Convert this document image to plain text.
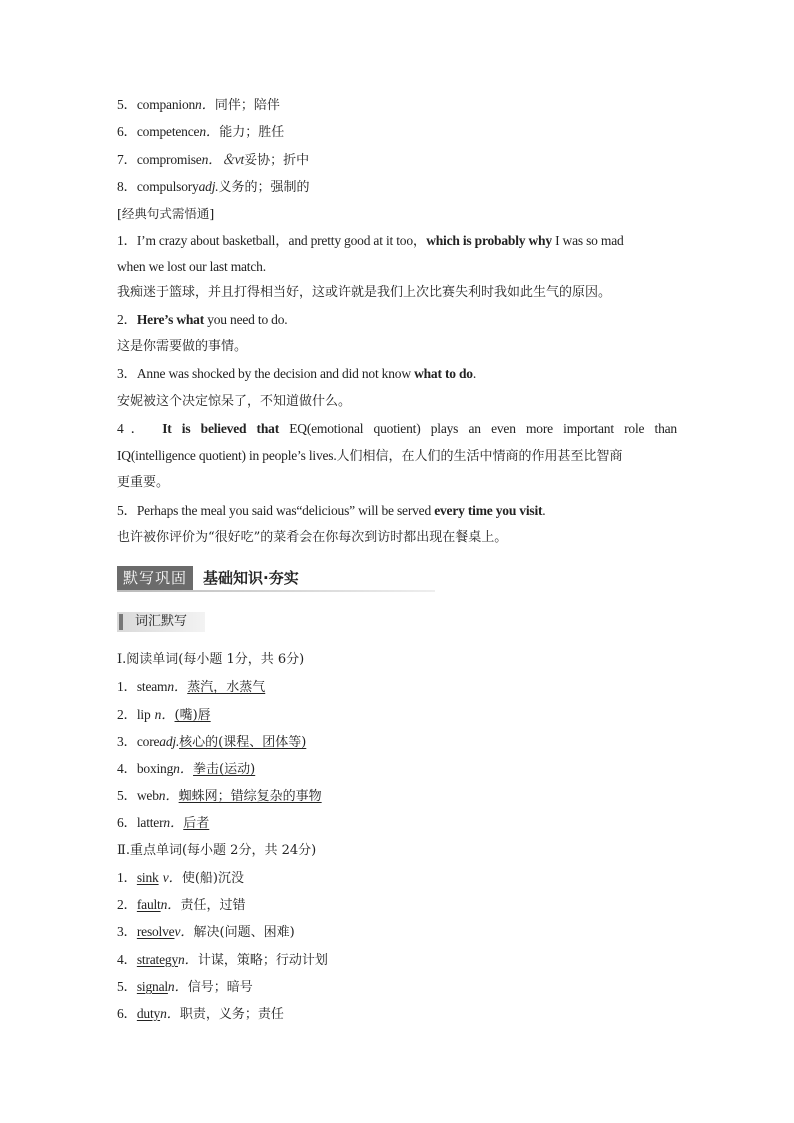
5．companionn．同伴；陪伴
6．competencen．能力；胜任
7．compromisen．＆vt妥协；折中
8．compulsoryadj.义务的；强制的
[经典句式需悟通]
1．I’m crazy about basketball，and pretty good at it too，which is probably why I was so mad
when we lost our last match.
我痴迷于篮球，并且打得相当好，这或许就是我们上次比赛失利时我如此生气的原因。
2．Here’s what you need to do.
这是你需要做的事情。
3．Anne was shocked by the decision and did not know what to do.
安妮被这个决定惊呆了，不知道做什么。
4． It is believed that EQ(emotional quotient) plays an even more important role than
IQ(intelligence quotient) in people’s lives.人们相信，在人们的生活中情商的作用甚至比智商
更重要。
5．Perhaps the meal you said was“delicious” will be served every time you visit.
也许被你评价为“很好吃”的菜肴会在你每次到访时都出现在餐桌上。
默写巩固	基础知识·夯实
词汇默写
Ⅰ.阅读单词(每小题 1分，共 6分)
1．steamn．蒸汽，水蒸气
2．lip n．(嘴)唇
3．coreadj.核心的(课程、团体等)
4．boxingn．拳击(运动)
5．webn．蜘蛛网；错综复杂的事物
6．lattern．后者
Ⅱ.重点单词(每小题 2分，共 24分)
1．sink v．使(船)沉没
2．faultn．责任，过错
3．resolvev．解决(问题、困难)
4．strategyn．计谋，策略；行动计划
5．signaln．信号；暗号
6．dutyn．职责，义务；责任
